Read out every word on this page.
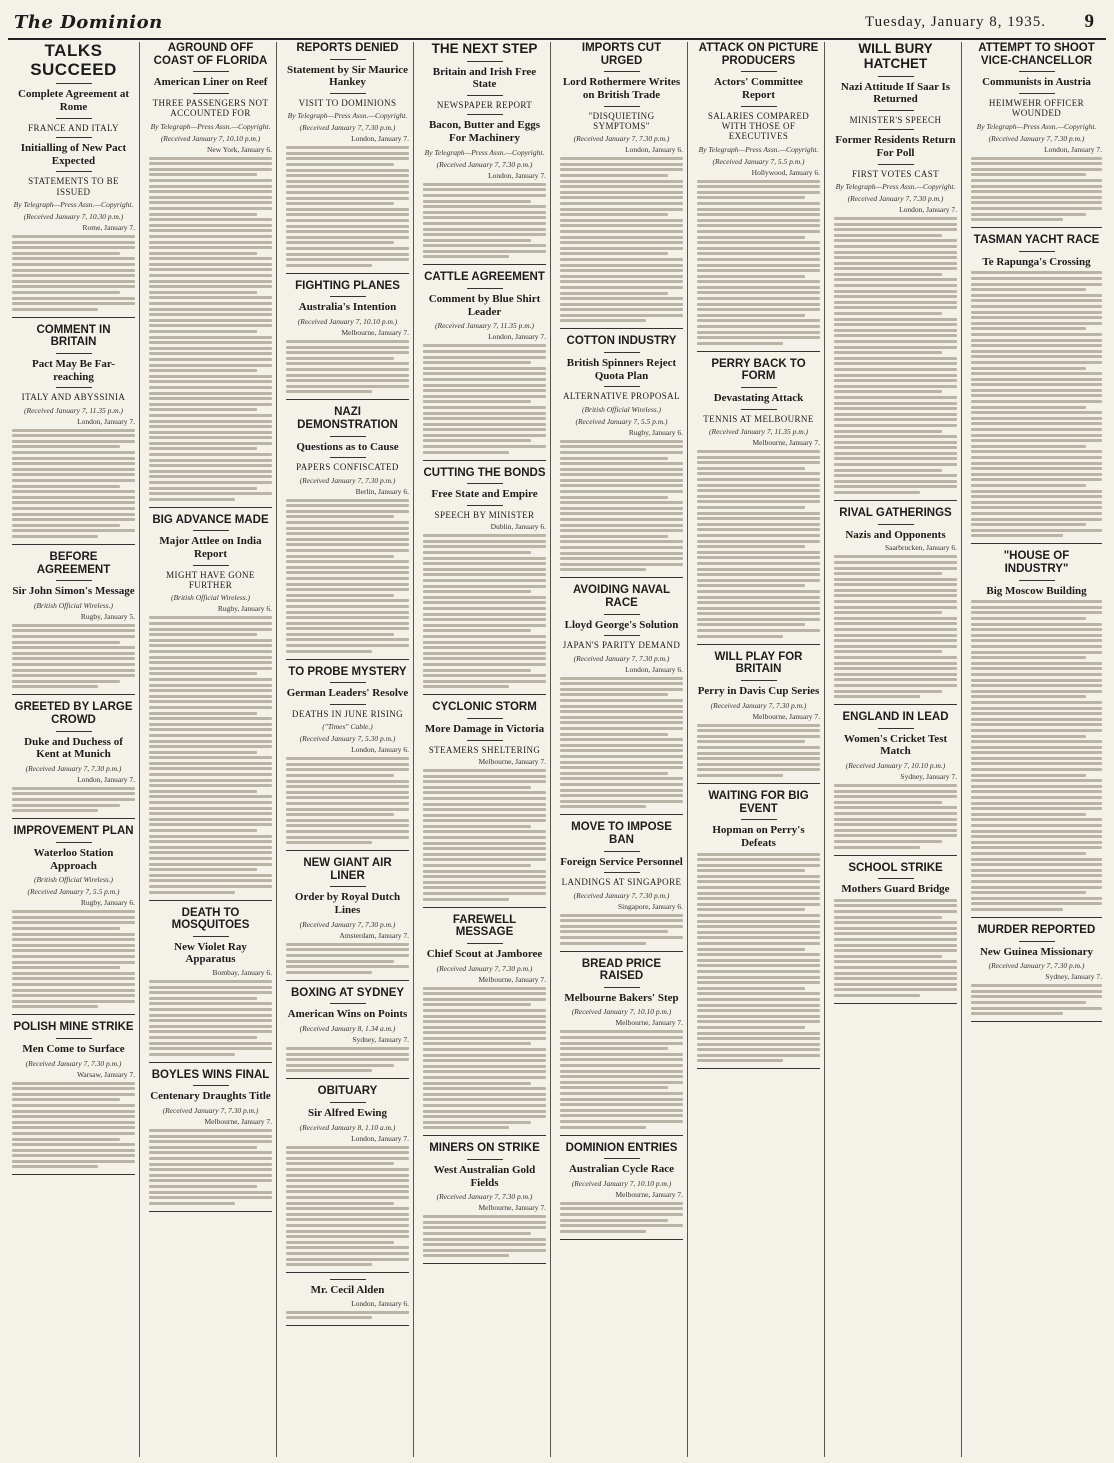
The Dominion	Tuesday, January 8, 1935. 9
TALKS SUCCEED
Complete Agreement at Rome
FRANCE AND ITALY
Initialling of New Pact Expected
STATEMENTS TO BE ISSUED
By Telegraph—Press Assn.—Copyright.
(Received January 7, 10.30 p.m.)
Rome, January 7.
COMMENT IN BRITAIN
Pact May Be Far-reaching
ITALY AND ABYSSINIA
(Received January 7, 11.35 p.m.)
London, January 7.
BEFORE AGREEMENT
Sir John Simon's Message
(British Official Wireless.)
Rugby, January 5.
GREETED BY LARGE CROWD
Duke and Duchess of Kent at Munich
(Received January 7, 7.30 p.m.)
London, January 7.
IMPROVEMENT PLAN
Waterloo Station Approach
(British Official Wireless.)
(Received January 7, 5.5 p.m.)
Rugby, January 6.
POLISH MINE STRIKE
Men Come to Surface
(Received January 7, 7.30 p.m.)
Warsaw, January 7.
AGROUND OFF COAST OF FLORIDA
American Liner on Reef
THREE PASSENGERS NOT ACCOUNTED FOR
By Telegraph—Press Assn.—Copyright.
(Received January 7, 10.10 p.m.)
New York, January 6.
BIG ADVANCE MADE
Major Attlee on India Report
MIGHT HAVE GONE FURTHER
(British Official Wireless.)
Rugby, January 6.
DEATH TO MOSQUITOES
New Violet Ray Apparatus
Bombay, January 6.
BOYLES WINS FINAL
Centenary Draughts Title
(Received January 7, 7.30 p.m.)
Melbourne, January 7.
REPORTS DENIED
Statement by Sir Maurice Hankey
VISIT TO DOMINIONS
By Telegraph—Press Assn.—Copyright.
(Received January 7, 7.30 p.m.)
London, January 7.
FIGHTING PLANES
Australia's Intention
(Received January 7, 10.10 p.m.)
Melbourne, January 7.
NAZI DEMONSTRATION
Questions as to Cause
PAPERS CONFISCATED
(Received January 7, 7.30 p.m.)
Berlin, January 6.
TO PROBE MYSTERY
German Leaders' Resolve
DEATHS IN JUNE RISING
("Times" Cable.)
(Received January 7, 5.30 p.m.)
London, January 6.
NEW GIANT AIR LINER
Order by Royal Dutch Lines
(Received January 7, 7.30 p.m.)
Amsterdam, January 7.
BOXING AT SYDNEY
American Wins on Points
(Received January 8, 1.34 a.m.)
Sydney, January 7.
OBITUARY
Sir Alfred Ewing
(Received January 8, 1.10 a.m.)
London, January 7.
Mr. Cecil Alden
London, January 6.
THE NEXT STEP
Britain and Irish Free State
NEWSPAPER REPORT
Bacon, Butter and Eggs For Machinery
By Telegraph—Press Assn.—Copyright.
(Received January 7, 7.30 p.m.)
London, January 7.
CATTLE AGREEMENT
Comment by Blue Shirt Leader
(Received January 7, 11.35 p.m.)
London, January 7.
CUTTING THE BONDS
Free State and Empire
SPEECH BY MINISTER
Dublin, January 6.
CYCLONIC STORM
More Damage in Victoria
STEAMERS SHELTERING
Melbourne, January 7.
FAREWELL MESSAGE
Chief Scout at Jamboree
(Received January 7, 7.30 p.m.)
Melbourne, January 7.
MINERS ON STRIKE
West Australian Gold Fields
(Received January 7, 7.30 p.m.)
Melbourne, January 7.
IMPORTS CUT URGED
Lord Rothermere Writes on British Trade
"DISQUIETING SYMPTOMS"
(Received January 7, 7.30 p.m.)
London, January 6.
COTTON INDUSTRY
British Spinners Reject Quota Plan
ALTERNATIVE PROPOSAL
(British Official Wireless.)
(Received January 7, 5.5 p.m.)
Rugby, January 6.
AVOIDING NAVAL RACE
Lloyd George's Solution
JAPAN'S PARITY DEMAND
(Received January 7, 7.30 p.m.)
London, January 6.
MOVE TO IMPOSE BAN
Foreign Service Personnel
LANDINGS AT SINGAPORE
(Received January 7, 7.30 p.m.)
Singapore, January 6.
BREAD PRICE RAISED
Melbourne Bakers' Step
(Received January 7, 10.10 p.m.)
Melbourne, January 7.
DOMINION ENTRIES
Australian Cycle Race
(Received January 7, 10.10 p.m.)
Melbourne, January 7.
ATTACK ON PICTURE PRODUCERS
Actors' Committee Report
SALARIES COMPARED WITH THOSE OF EXECUTIVES
By Telegraph—Press Assn.—Copyright.
(Received January 7, 5.5 p.m.)
Hollywood, January 6.
PERRY BACK TO FORM
Devastating Attack
TENNIS AT MELBOURNE
(Received January 7, 11.35 p.m.)
Melbourne, January 7.
WILL PLAY FOR BRITAIN
Perry in Davis Cup Series
(Received January 7, 7.30 p.m.)
Melbourne, January 7.
WAITING FOR BIG EVENT
Hopman on Perry's Defeats
WILL BURY HATCHET
Nazi Attitude If Saar Is Returned
MINISTER'S SPEECH
Former Residents Return For Poll
FIRST VOTES CAST
By Telegraph—Press Assn.—Copyright.
(Received January 7, 7.30 p.m.)
London, January 7.
RIVAL GATHERINGS
Nazis and Opponents
Saarbrucken, January 6.
ENGLAND IN LEAD
Women's Cricket Test Match
(Received January 7, 10.10 p.m.)
Sydney, January 7.
SCHOOL STRIKE
Mothers Guard Bridge
ATTEMPT TO SHOOT VICE-CHANCELLOR
Communists in Austria
HEIMWEHR OFFICER WOUNDED
By Telegraph—Press Assn.—Copyright.
(Received January 7, 7.30 p.m.)
London, January 7.
TASMAN YACHT RACE
Te Rapunga's Crossing
"HOUSE OF INDUSTRY"
Big Moscow Building
MURDER REPORTED
New Guinea Missionary
(Received January 7, 7.30 p.m.)
Sydney, January 7.
